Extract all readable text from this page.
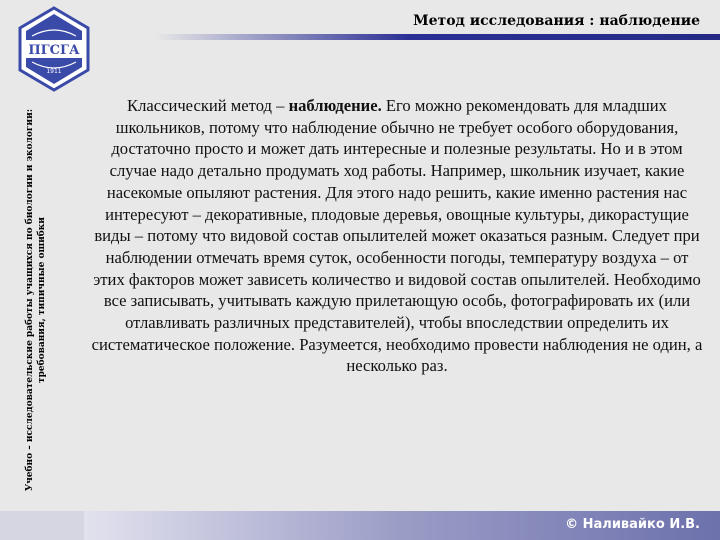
ПГСГА
1911
Метод исследования : наблюдение
Учебно – исследовательские работы учащихся по биологии и экологии: требования, типичные ошибки
Классический метод – наблюдение. Его можно рекомендовать для младших школьников, потому что наблюдение обычно не требует особого оборудования, достаточно просто и может дать интересные и полезные результаты. Но и в этом случае надо детально продумать ход работы. Например, школьник изучает, какие насекомые опыляют растения. Для этого надо решить, какие именно растения нас интересуют – декоративные, плодовые деревья, овощные культуры, дикорастущие виды – потому что видовой состав опылителей может оказаться разным. Следует при наблюдении отмечать время суток, особенности погоды, температуру воздуха – от этих факторов может зависеть количество и видовой состав опылителей. Необходимо все записывать, учитывать каждую прилетающую особь, фотографировать их (или отлавливать различных представителей), чтобы впоследствии определить их систематическое положение. Разумеется, необходимо провести наблюдения не один, а несколько раз.
© Наливайко И.В.
